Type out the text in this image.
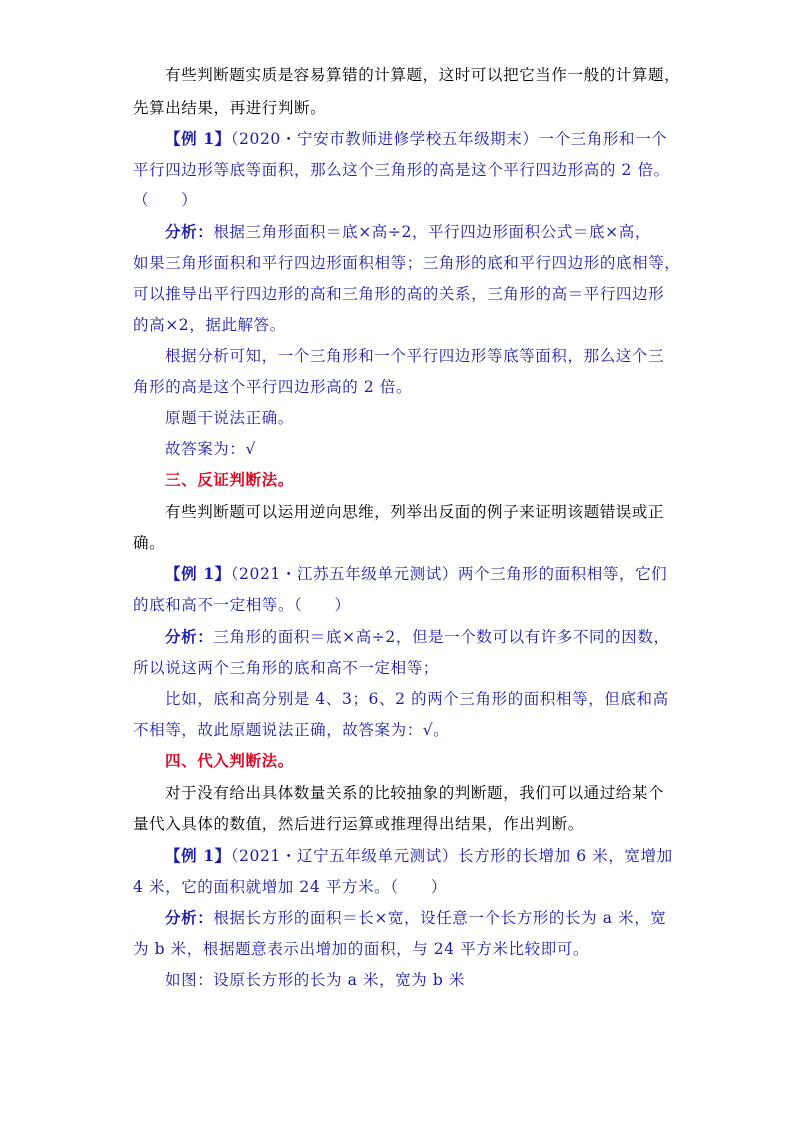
有些判断题实质是容易算错的计算题，这时可以把它当作一般的计算题，
先算出结果，再进行判断。
【例 1】（2020・宁安市教师进修学校五年级期末）一个三角形和一个
平行四边形等底等面积，那么这个三角形的高是这个平行四边形高的 2 倍。
（　　）
分析：根据三角形面积＝底×高÷2，平行四边形面积公式＝底×高，
如果三角形面积和平行四边形面积相等；三角形的底和平行四边形的底相等，
可以推导出平行四边形的高和三角形的高的关系，三角形的高＝平行四边形
的高×2，据此解答。
根据分析可知，一个三角形和一个平行四边形等底等面积，那么这个三
角形的高是这个平行四边形高的 2 倍。
原题干说法正确。
故答案为：√
三、反证判断法。
有些判断题可以运用逆向思维，列举出反面的例子来证明该题错误或正
确。
【例 1】（2021・江苏五年级单元测试）两个三角形的面积相等，它们
的底和高不一定相等。（　　）
分析：三角形的面积＝底×高÷2，但是一个数可以有许多不同的因数，
所以说这两个三角形的底和高不一定相等；
比如，底和高分别是 4、3；6、2 的两个三角形的面积相等，但底和高
不相等，故此原题说法正确，故答案为：√。
四、代入判断法。
对于没有给出具体数量关系的比较抽象的判断题，我们可以通过给某个
量代入具体的数值，然后进行运算或推理得出结果，作出判断。
【例 1】（2021・辽宁五年级单元测试）长方形的长增加 6 米，宽增加
4 米，它的面积就增加 24 平方米。（　　）
分析：根据长方形的面积＝长×宽，设任意一个长方形的长为 a 米，宽
为 b 米，根据题意表示出增加的面积，与 24 平方米比较即可。
如图：设原长方形的长为 a 米，宽为 b 米
